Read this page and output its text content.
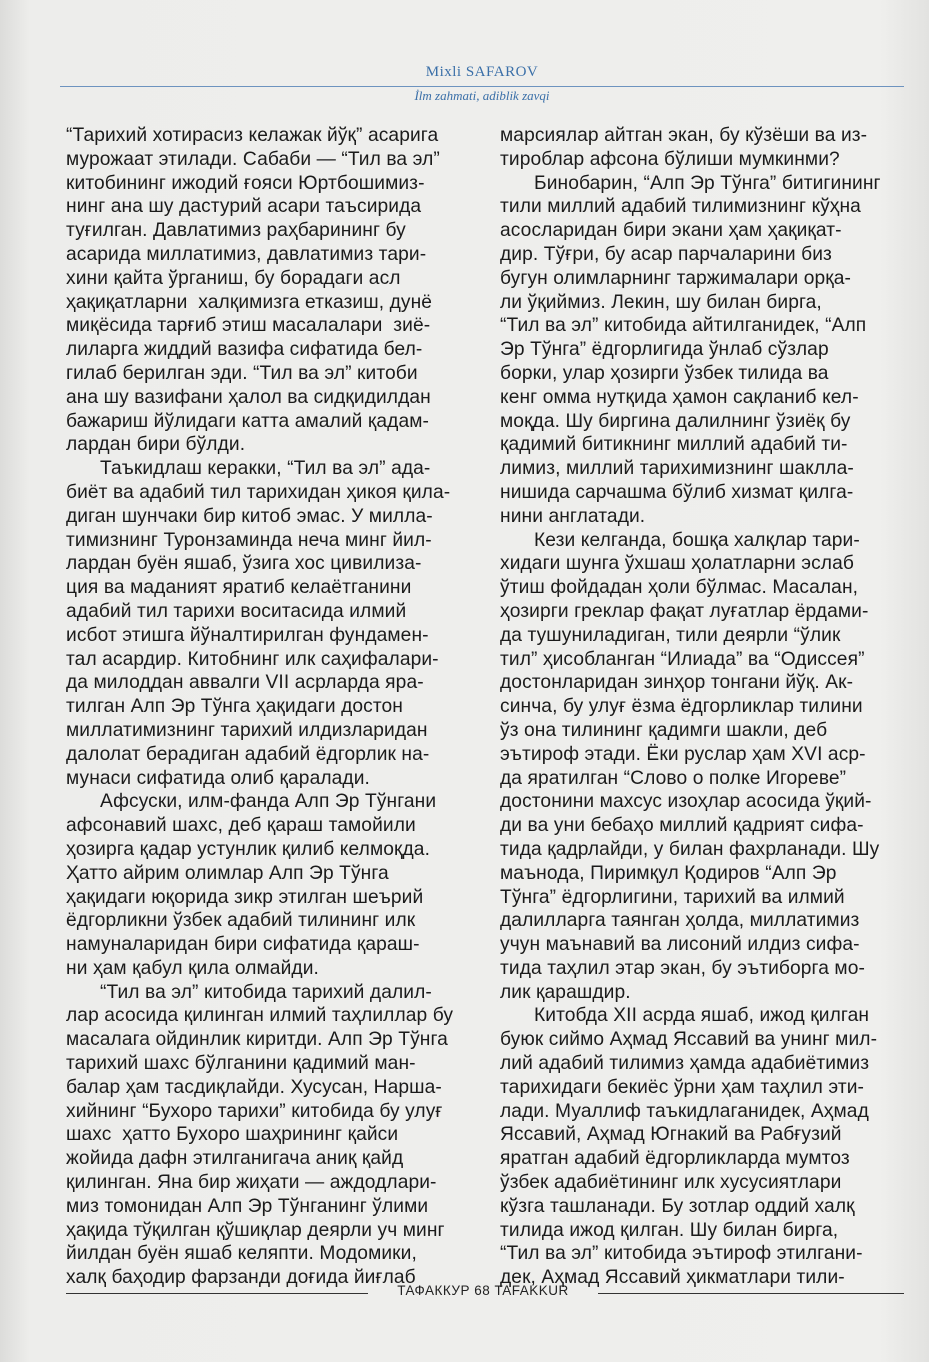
Mixli SAFAROV
İlm zahmati, adiblik zavqi
“Тарихий хотирасиз келажак йўқ” асарига
мурожаат этилади. Сабаби — “Тил ва эл”
китобининг ижодий ғояси Юртбошимиз-
нинг ана шу дастурий асари таъсирида
туғилган. Давлатимиз раҳбарининг бу
асарида миллатимиз, давлатимиз тари-
хини қайта ўрганиш, бу борадаги асл
ҳақиқатларни  халқимизга етказиш, дунё
миқёсида тарғиб этиш масалалари  зиё-
лиларга жиддий вазифа сифатида бел-
гилаб берилган эди. “Тил ва эл” китоби
ана шу вазифани ҳалол ва сидқидилдан
бажариш йўлидаги катта амалий қадам-
лардан бири бўлди.
Таъкидлаш керакки, “Тил ва эл” ада-
биёт ва адабий тил тарихидан ҳикоя қила-
диган шунчаки бир китоб эмас. У милла-
тимизнинг Туронзаминда неча минг йил-
лардан буён яшаб, ўзига хос цивилиза-
ция ва маданият яратиб келаётганини
адабий тил тарихи воситасида илмий
исбот этишга йўналтирилган фундамен-
тал асардир. Китобнинг илк саҳифалари-
да милоддан аввалги VII асрларда яра-
тилган Алп Эр Тўнга ҳақидаги достон
миллатимизнинг тарихий илдизларидан
далолат берадиган адабий ёдгорлик на-
мунаси сифатида олиб қаралади.
Афсуски, илм-фанда Алп Эр Тўнгани
афсонавий шахс, деб қараш тамойили
ҳозирга қадар устунлик қилиб келмоқда.
Ҳатто айрим олимлар Алп Эр Тўнга
ҳақидаги юқорида зикр этилган шеърий
ёдгорликни ўзбек адабий тилининг илк
намуналаридан бири сифатида қараш-
ни ҳам қабул қила олмайди.
“Тил ва эл” китобида тарихий далил-
лар асосида қилинган илмий таҳлиллар бу
масалага ойдинлик киритди. Алп Эр Тўнга
тарихий шахс бўлганини қадимий ман-
балар ҳам тасдиқлайди. Хусусан, Нарша-
хийнинг “Бухоро тарихи” китобида бу улуғ
шахс  ҳатто Бухоро шаҳрининг қайси
жойида дафн этилганигача аниқ қайд
қилинган. Яна бир жиҳати — аждодлари-
миз томонидан Алп Эр Тўнганинг ўлими
ҳақида тўқилган қўшиқлар деярли уч минг
йилдан буён яшаб келяпти. Модомики,
халқ баҳодир фарзанди доғида йиғлаб
марсиялар айтган экан, бу кўзёши ва из-
тироблар афсона бўлиши мумкинми?
Бинобарин, “Алп Эр Тўнга” битигининг
тили миллий адабий тилимизнинг кўҳна
асосларидан бири экани ҳам ҳақиқат-
дир. Тўғри, бу асар парчаларини биз
бугун олимларнинг таржималари орқа-
ли ўқиймиз. Лекин, шу билан бирга,
“Тил ва эл” китобида айтилганидек, “Алп
Эр Тўнга” ёдгорлигида ўнлаб сўзлар
борки, улар ҳозирги ўзбек тилида ва
кенг омма нутқида ҳамон сақланиб кел-
моқда. Шу биргина далилнинг ўзиёқ бу
қадимий битикнинг миллий адабий ти-
лимиз, миллий тарихимизнинг шаклла-
нишида сарчашма бўлиб хизмат қилга-
нини англатади.
Кези келганда, бошқа халқлар тари-
хидаги шунга ўхшаш ҳолатларни эслаб
ўтиш фойдадан ҳоли бўлмас. Масалан,
ҳозирги греклар фақат луғатлар ёрдами-
да тушуниладиган, тили деярли “ўлик
тил” ҳисобланган “Илиада” ва “Одиссея”
достонларидан зинҳор тонгани йўқ. Ак-
синча, бу улуғ ёзма ёдгорликлар тилини
ўз она тилининг қадимги шакли, деб
эътироф этади. Ёки руслар ҳам XVI аср-
да яратилган “Слово о полке Игореве”
достонини махсус изоҳлар асосида ўқий-
ди ва уни бебаҳо миллий қадрият сифа-
тида қадрлайди, у билан фахрланади. Шу
маънода, Пиримқул Қодиров “Алп Эр
Тўнга” ёдгорлигини, тарихий ва илмий
далилларга таянган ҳолда, миллатимиз
учун маънавий ва лисоний илдиз сифа-
тида таҳлил этар экан, бу эътиборга мо-
лик қарашдир.
Китобда XII асрда яшаб, ижод қилган
буюк сиймо Аҳмад Яссавий ва унинг мил-
лий адабий тилимиз ҳамда адабиётимиз
тарихидаги бекиёс ўрни ҳам таҳлил эти-
лади. Муаллиф таъкидлаганидек, Аҳмад
Яссавий, Аҳмад Югнакий ва Рабғузий
яратган адабий ёдгорликларда мумтоз
ўзбек адабиётининг илк хусусиятлари
кўзга ташланади. Бу зотлар оддий халқ
тилида ижод қилган. Шу билан бирга,
“Тил ва эл” китобида эътироф этилгани-
дек, Аҳмад Яссавий ҳикматлари тили-
ТАФАККУР 68 TAFAKKUR
